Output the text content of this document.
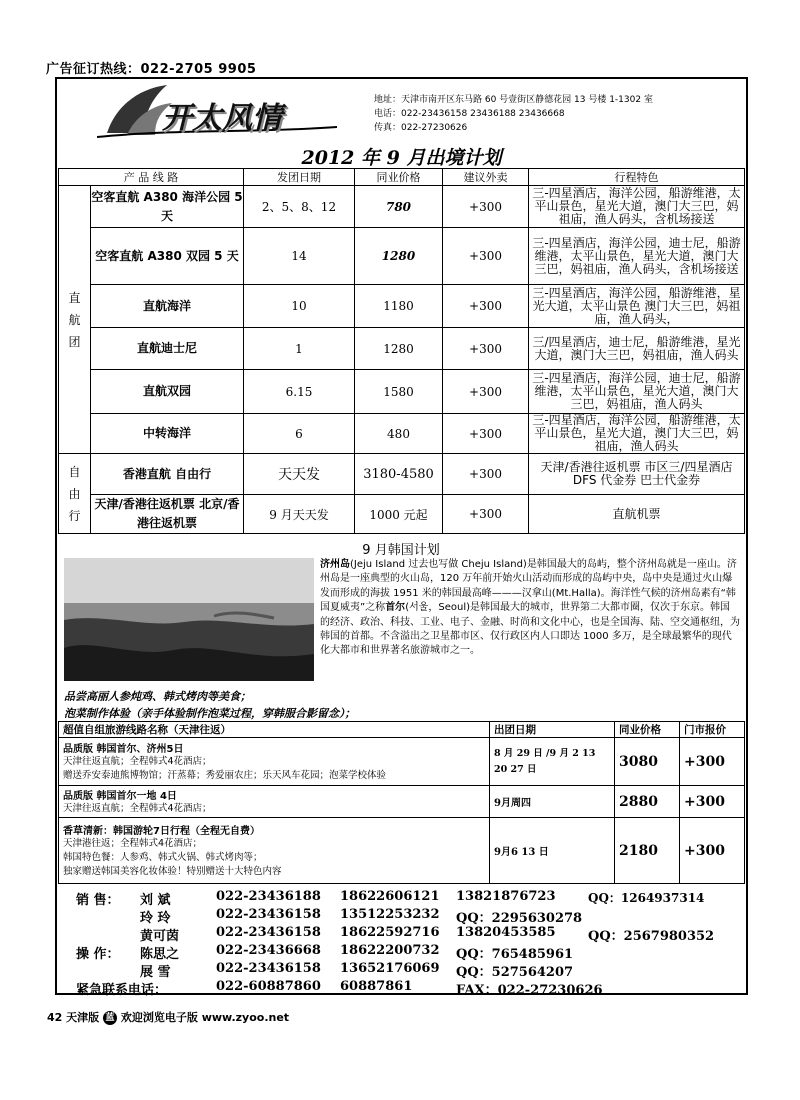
广告征订热线：022-2705 9905
开太风情
地址：天津市南开区东马路 60 号壹街区静德花园 13 号楼 1-1302 室
电话：022-23436158 23436188 23436668
传真：022-27230626
2012 年 9 月出境计划
产 品 线 路		发团日期	同业价格	建议外卖	行程特色

直航团	空客直航 A380 海洋公园 5 天	2、5、8、12	780	+300	三-四星酒店，海洋公园，船游维港，太平山景色，星光大道，澳门大三巴，妈祖庙，渔人码头，含机场接送
	空客直航 A380 双园 5 天	14	1280	+300	三-四星酒店，海洋公园，迪士尼，船游维港，太平山景色，星光大道，澳门大三巴，妈祖庙，渔人码头，含机场接送
	直航海洋	10	1180	+300	三-四星酒店，海洋公园，船游维港，星光大道，太平山景色 澳门大三巴，妈祖庙，渔人码头，
	直航迪士尼	1	1280	+300	三/四星酒店，迪士尼，船游维港，星光大道，澳门大三巴，妈祖庙，渔人码头
	直航双园	6.15	1580	+300	三-四星酒店，海洋公园，迪士尼，船游维港，太平山景色，星光大道，澳门大三巴，妈祖庙，渔人码头
	中转海洋	6	480	+300	三-四星酒店，海洋公园，船游维港，太平山景色，星光大道，澳门大三巴，妈祖庙，渔人码头

自由行	香港直航 自由行	天天发	3180-4580	+300	天津/香港往返机票 市区三/四星酒店 DFS 代金券 巴士代金券
	天津/香港往返机票 北京/香港往返机票	9 月天天发	1000 元起	+300	直航机票
9 月韩国计划
济州岛(Jeju Island 过去也写做 Cheju Island)是韩国最大的岛屿，整个济州岛就是一座山。济州岛是一座典型的火山岛，120 万年前开始火山活动而形成的岛屿中央，岛中央是通过火山爆发而形成的海拔 1951 米的韩国最高峰———汉拿山(Mt.Halla)。海洋性气候的济州岛素有“韩国夏威夷”之称首尔(서울，Seoul)是韩国最大的城市，世界第二大都市圈，仅次于东京。韩国的经济、政治、科技、工业、电子、金融、时尚和文化中心，也是全国海、陆、空交通枢纽，为韩国的首都。不含溢出之卫星都市区、仅行政区内人口即达 1000 多万，是全球最繁华的现代化大都市和世界著名旅游城市之一。
品尝高丽人参炖鸡、韩式烤肉等美食；
泡菜制作体验（亲手体验制作泡菜过程，穿韩服合影留念）；
超值自组旅游线路名称（天津往返）	出团日期	同业价格	门市报价

品质版 韩国首尔、济州5日
天津往返直航；全程韩式4花酒店；
赠送乔安泰迪熊博物馆；汗蒸幕；秀爱丽农庄；乐天风车花园；泡菜学校体验	8 月 29 日 /9 月 2 13 20 27 日	3080	+300

品质版 韩国首尔一地 4日
天津往返直航；全程韩式4花酒店；	9月周四	2880	+300

香草清新：韩国游轮7日行程（全程无自费）
天津港往返；全程韩式4花酒店；
韩国特色餐：人参鸡、韩式火锅、韩式烤肉等；
独家赠送韩国美容化妆体验！特别赠送十大特色内容	9月6 13 日	2180	+300
销 售： 刘 斌	022-23436188 18622606121 13821876723	QQ：1264937314
玲 玲	022-23436158 13512253232 QQ：2295630278
黄可茵	022-23436158 18622592716 13820453585	QQ：2567980352
操 作： 陈思之	022-23436668 18622200732 QQ：765485961
展 雪	022-23436158 13652176069 QQ：527564207
紧急联系电话：	022-60887860 60887861	FAX：022-27230626
42 天津版 蓝 欢迎浏览电子版 www.zyoo.net
